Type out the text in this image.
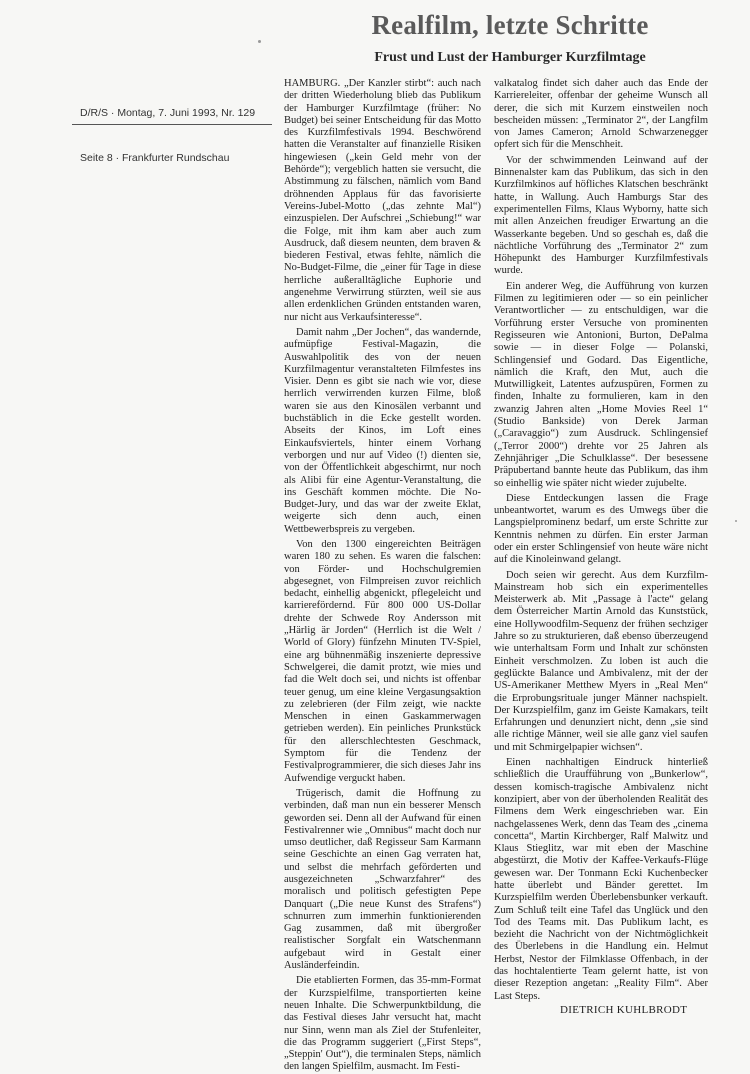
Realfilm, letzte Schritte
Frust und Lust der Hamburger Kurzfilmtage
D/R/S · Montag, 7. Juni 1993, Nr. 129
Seite 8 · Frankfurter Rundschau

HAMBURG. „Der Kanzler stirbt“: auch nach der dritten Wiederholung blieb das Publikum der Hamburger Kurzfilmtage (früher: No Budget) bei seiner Entscheidung für das Motto des Kurzfilmfestivals 1994. Beschwörend hatten die Veranstalter auf finanzielle Risiken hingewiesen („kein Geld mehr von der Behörde“); vergeblich hatten sie versucht, die Abstimmung zu fälschen, nämlich vom Band dröhnenden Applaus für das favorisierte Vereins-Jubel-Motto („das zehnte Mal“) einzuspielen. Der Aufschrei „Schiebung!“ war die Folge, mit ihm kam aber auch zum Ausdruck, daß diesem neunten, dem braven & biederen Festival, etwas fehlte, nämlich die No-Budget-Filme, die „einer für Tage in diese herrliche außeralltägliche Euphorie und angenehme Verwirrung stürzten, weil sie aus allen erdenklichen Gründen entstanden waren, nur nicht aus Verkaufsinteresse“.

Damit nahm „Der Jochen“, das wandernde, aufmüpfige Festival-Magazin, die Auswahlpolitik des von der neuen Kurzfilmagentur veranstalteten Filmfestes ins Visier. Denn es gibt sie nach wie vor, diese herrlich verwirrenden kurzen Filme, bloß waren sie aus den Kinosälen verbannt und buchstäblich in die Ecke gestellt worden. Abseits der Kinos, im Loft eines Einkaufsviertels, hinter einem Vorhang verborgen und nur auf Video (!) dienten sie, von der Öffentlichkeit abgeschirmt, nur noch als Alibi für eine Agentur-Veranstaltung, die ins Geschäft kommen möchte. Die No-Budget-Jury, und das war der zweite Eklat, weigerte sich denn auch, einen Wettbewerbspreis zu vergeben.

Von den 1300 eingereichten Beiträgen waren 180 zu sehen. Es waren die falschen: von Förder- und Hochschulgremien abgesegnet, von Filmpreisen zuvor reichlich bedacht, einhellig abgenickt, pflegeleicht und karrierefördernd. Für 800 000 US-Dollar drehte der Schwede Roy Andersson mit „Härlig är Jorden“ (Herrlich ist die Welt / World of Glory) fünfzehn Minuten TV-Spiel, eine arg bühnenmäßig inszenierte depressive Schwelgerei, die damit protzt, wie mies und fad die Welt doch sei, und nichts ist offenbar teuer genug, um eine kleine Vergasungsaktion zu zelebrieren (der Film zeigt, wie nackte Menschen in einen Gaskammerwagen getrieben werden). Ein peinliches Prunkstück für den allerschlechtesten Geschmack, Symptom für die Tendenz der Festivalprogrammierer, die sich dieses Jahr ins Aufwendige verguckt haben.

Trügerisch, damit die Hoffnung zu verbinden, daß man nun ein besserer Mensch geworden sei. Denn all der Aufwand für einen Festivalrenner wie „Omnibus“ macht doch nur umso deutlicher, daß Regisseur Sam Karmann seine Geschichte an einen Gag verraten hat, und selbst die mehrfach geförderten und ausgezeichneten „Schwarzfahrer“ des moralisch und politisch gefestigten Pepe Danquart („Die neue Kunst des Strafens“) schnurren zum immerhin funktionierenden Gag zusammen, daß mit übergroßer realistischer Sorgfalt ein Watschenmann aufgebaut wird in Gestalt einer Ausländerfeindin.

Die etablierten Formen, das 35-mm-Format der Kurzspielfilme, transportierten keine neuen Inhalte. Die Schwerpunktbildung, die das Festival dieses Jahr versucht hat, macht nur Sinn, wenn man als Ziel der Stufenleiter, die das Programm suggeriert („First Steps“, „Steppin' Out“), die terminalen Steps, nämlich den langen Spielfilm, ausmacht. Im Festi-

valkatalog findet sich daher auch das Ende der Karriereleiter, offenbar der geheime Wunsch all derer, die sich mit Kurzem einstweilen noch bescheiden müssen: „Terminator 2“, der Langfilm von James Cameron; Arnold Schwarzenegger opfert sich für die Menschheit.

Vor der schwimmenden Leinwand auf der Binnenalster kam das Publikum, das sich in den Kurzfilmkinos auf höfliches Klatschen beschränkt hatte, in Wallung. Auch Hamburgs Star des experimentellen Films, Klaus Wyborny, hatte sich mit allen Anzeichen freudiger Erwartung an die Wasserkante begeben. Und so geschah es, daß die nächtliche Vorführung des „Terminator 2“ zum Höhepunkt des Hamburger Kurzfilmfestivals wurde.

Ein anderer Weg, die Aufführung von kurzen Filmen zu legitimieren oder — so ein peinlicher Verantwortlicher — zu entschuldigen, war die Vorführung erster Versuche von prominenten Regisseuren wie Antonioni, Burton, DePalma sowie — in dieser Folge — Polanski, Schlingensief und Godard. Das Eigentliche, nämlich die Kraft, den Mut, auch die Mutwilligkeit, Latentes aufzuspüren, Formen zu finden, Inhalte zu formulieren, kam in den zwanzig Jahren alten „Home Movies Reel 1“ (Studio Bankside) von Derek Jarman („Caravaggio“) zum Ausdruck. Schlingensief („Terror 2000“) drehte vor 25 Jahren als Zehnjähriger „Die Schulklasse“. Der besessene Präpubertand bannte heute das Publikum, das ihm so einhellig wie später nicht wieder zujubelte.

Diese Entdeckungen lassen die Frage unbeantwortet, warum es des Umwegs über die Langspielprominenz bedarf, um erste Schritte zur Kenntnis nehmen zu dürfen. Ein erster Jarman oder ein erster Schlingensief von heute wäre nicht auf die Kinoleinwand gelangt.

Doch seien wir gerecht. Aus dem Kurzfilm-Mainstream hob sich ein experimentelles Meisterwerk ab. Mit „Passage à l'acte“ gelang dem Österreicher Martin Arnold das Kunststück, eine Hollywoodfilm-Sequenz der frühen sechziger Jahre so zu strukturieren, daß ebenso überzeugend wie unterhaltsam Form und Inhalt zur schönsten Einheit verschmolzen. Zu loben ist auch die geglückte Balance und Ambivalenz, mit der der US-Amerikaner Metthew Myers in „Real Men“ die Erprobungsrituale junger Männer nachspielt. Der Kurzspielfilm, ganz im Geiste Kamakars, teilt Erfahrungen und denunziert nicht, denn „sie sind alle richtige Männer, weil sie alle ganz viel saufen und mit Schmirgelpapier wichsen“.

Einen nachhaltigen Eindruck hinterließ schließlich die Uraufführung von „Bunkerlow“, dessen komisch-tragische Ambivalenz nicht konzipiert, aber von der überholenden Realität des Filmens dem Werk eingeschrieben war. Ein nachgelassenes Werk, denn das Team des „cinema concetta“, Martin Kirchberger, Ralf Malwitz und Klaus Stieglitz, war mit eben der Maschine abgestürzt, die Motiv der Kaffee-Verkaufs-Flüge gewesen war. Der Tonmann Ecki Kuchenbecker hatte überlebt und Bänder gerettet. Im Kurzspielfilm werden Überlebensbunker verkauft. Zum Schluß teilt eine Tafel das Unglück und den Tod des Teams mit. Das Publikum lacht, es bezieht die Nachricht von der Nichtmöglichkeit des Überlebens in die Handlung ein. Helmut Herbst, Nestor der Filmklasse Offenbach, in der das hochtalentierte Team gelernt hatte, ist von dieser Rezeption angetan: „Reality Film“. Aber Last Steps.

DIETRICH KUHLBRODT
